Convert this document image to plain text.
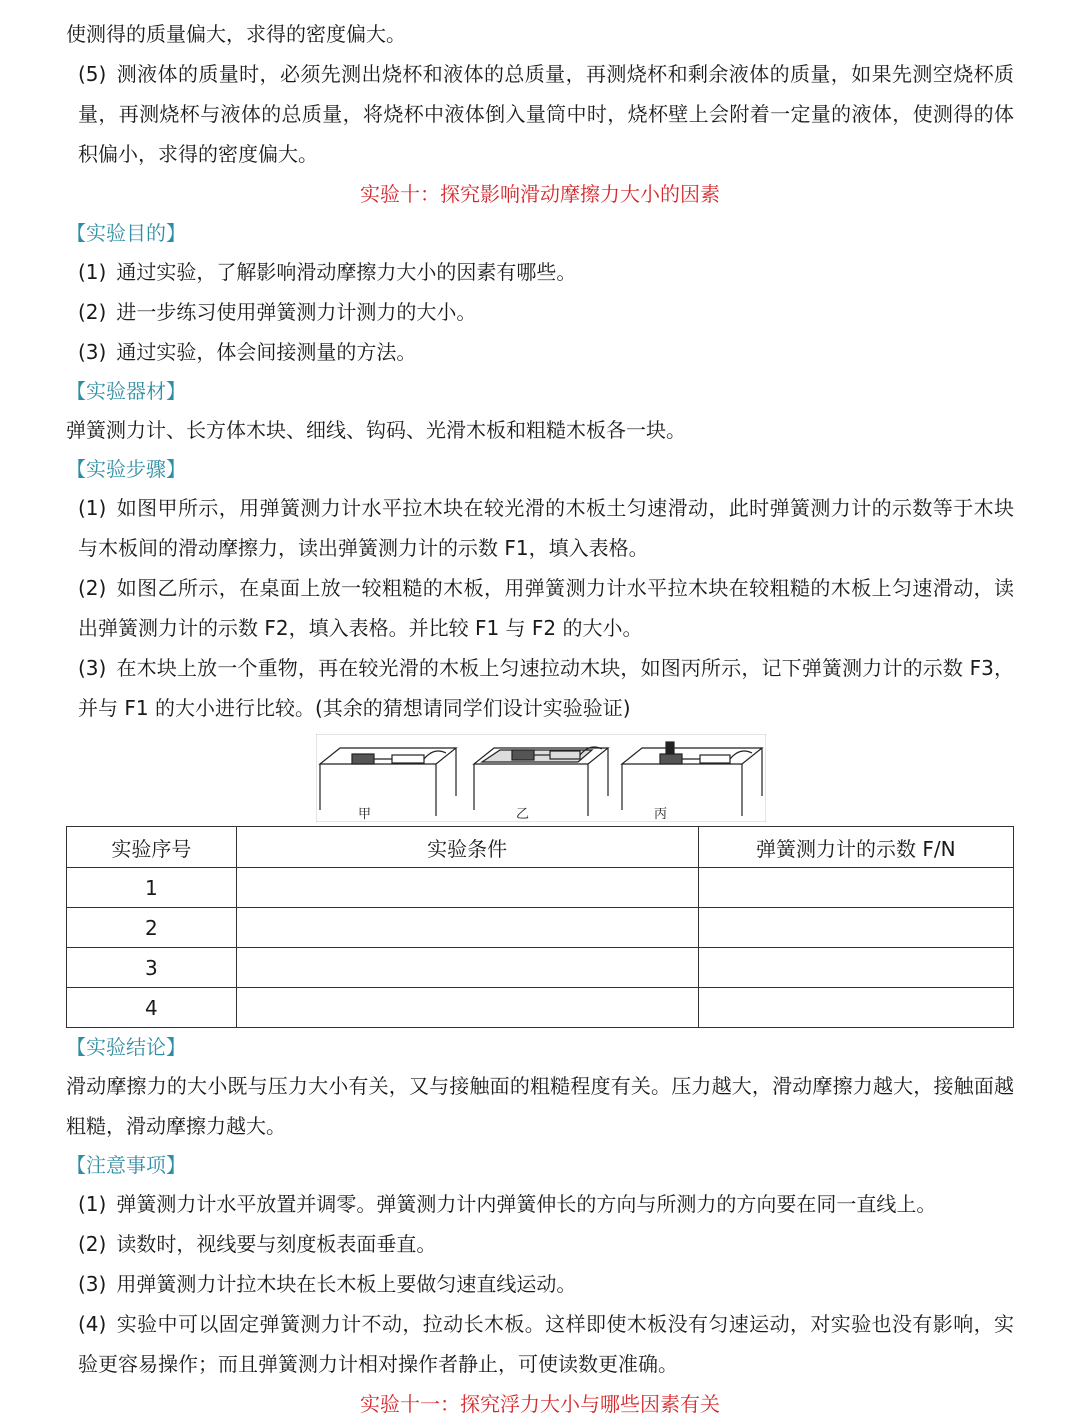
使测得的质量偏大，求得的密度偏大。

(5) 测液体的质量时，必须先测出烧杯和液体的总质量，再测烧杯和剩余液体的质量，如果先测空烧杯质量，再测烧杯与液体的总质量，将烧杯中液体倒入量筒中时，烧杯壁上会附着一定量的液体，使测得的体积偏小，求得的密度偏大。

实验十：探究影响滑动摩擦力大小的因素

【实验目的】

(1) 通过实验，了解影响滑动摩擦力大小的因素有哪些。

(2) 进一步练习使用弹簧测力计测力的大小。

(3) 通过实验，体会间接测量的方法。

【实验器材】

弹簧测力计、长方体木块、细线、钩码、光滑木板和粗糙木板各一块。

【实验步骤】

(1) 如图甲所示，用弹簧测力计水平拉木块在较光滑的木板土匀速滑动，此时弹簧测力计的示数等于木块与木板间的滑动摩擦力，读出弹簧测力计的示数 F1，填入表格。

(2) 如图乙所示，在桌面上放一较粗糙的木板，用弹簧测力计水平拉木块在较粗糙的木板上匀速滑动，读出弹簧测力计的示数 F2，填入表格。并比较 F1 与 F2 的大小。

(3) 在木块上放一个重物，再在较光滑的木板上匀速拉动木块，如图丙所示，记下弹簧测力计的示数 F3，并与 F1 的大小进行比较。(其余的猜想请同学们设计实验验证)

甲	乙	丙
实验序号	实验条件	弹簧测力计的示数 F/N
1		
2		
3		
4		

【实验结论】

滑动摩擦力的大小既与压力大小有关，又与接触面的粗糙程度有关。压力越大，滑动摩擦力越大，接触面越粗糙，滑动摩擦力越大。

【注意事项】

(1) 弹簧测力计水平放置并调零。弹簧测力计内弹簧伸长的方向与所测力的方向要在同一直线上。

(2) 读数时，视线要与刻度板表面垂直。

(3) 用弹簧测力计拉木块在长木板上要做匀速直线运动。

(4) 实验中可以固定弹簧测力计不动，拉动长木板。这样即使木板没有匀速运动，对实验也没有影响，实验更容易操作；而且弹簧测力计相对操作者静止，可使读数更准确。

实验十一：探究浮力大小与哪些因素有关
